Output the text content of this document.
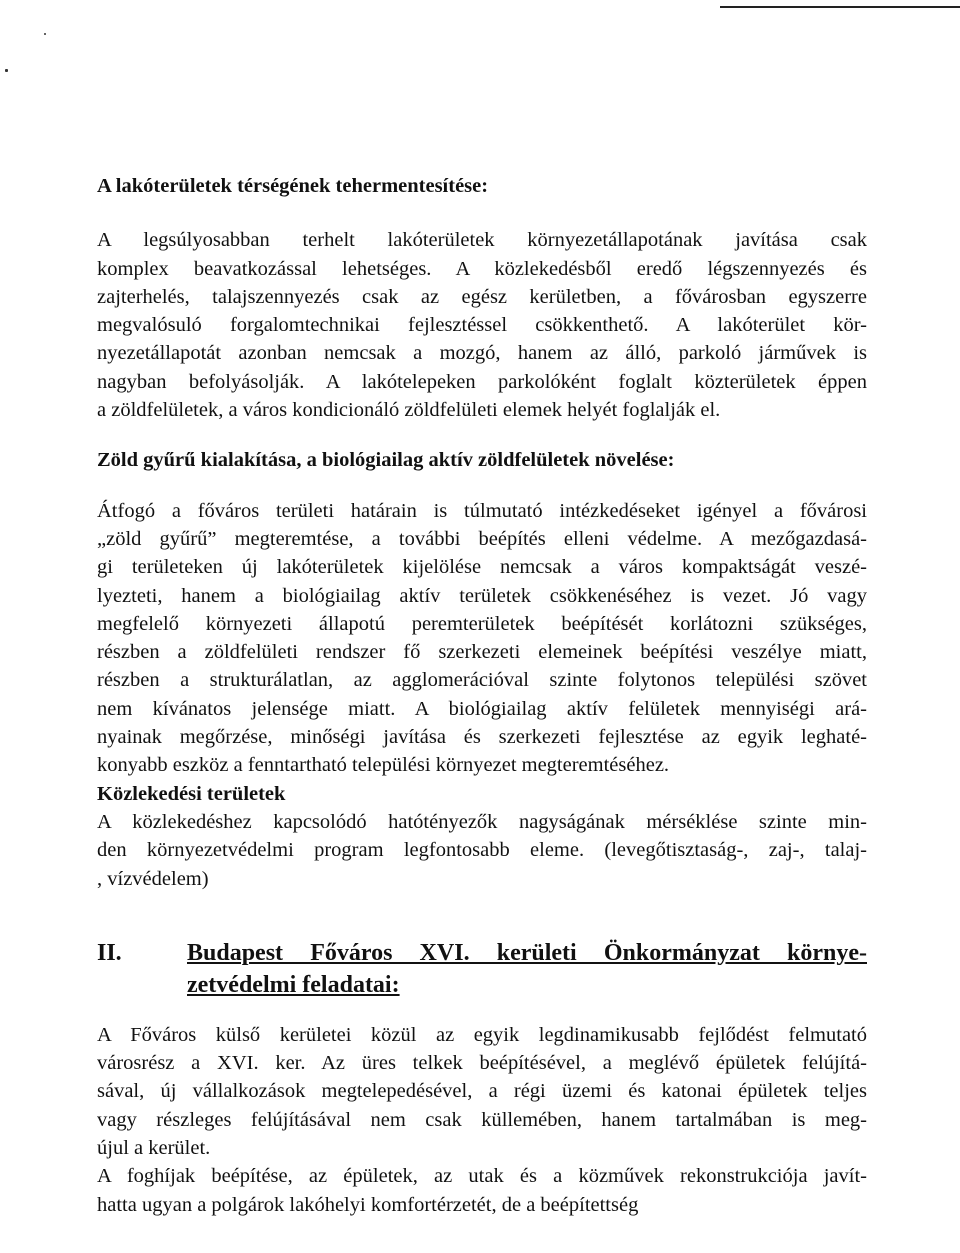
A lakóterületek térségének tehermentesítése:
A legsúlyosabban terhelt lakóterületek környezetállapotának javítása csak
komplex beavatkozással lehetséges. A közlekedésből eredő légszennyezés és
zajterhelés, talajszennyezés csak az egész kerületben, a fővárosban egyszerre
megvalósuló forgalomtechnikai fejlesztéssel csökkenthető. A lakóterület kör-
nyezetállapotát azonban nemcsak a mozgó, hanem az álló, parkoló járművek is
nagyban befolyásolják. A lakótelepeken parkolóként foglalt közterületek éppen
a zöldfelületek, a város kondicionáló zöldfelületi elemek helyét foglalják el.
Zöld gyűrű kialakítása, a biológiailag aktív zöldfelületek növelése:
Átfogó a főváros területi határain is túlmutató intézkedéseket igényel a fővárosi
„zöld gyűrű” megteremtése, a további beépítés elleni védelme. A mezőgazdasá-
gi területeken új lakóterületek kijelölése nemcsak a város kompaktságát veszé-
lyezteti, hanem a biológiailag aktív területek csökkenéséhez is vezet. Jó vagy
megfelelő környezeti állapotú peremterületek beépítését korlátozni szükséges,
részben a zöldfelületi rendszer fő szerkezeti elemeinek beépítési veszélye miatt,
részben a strukturálatlan, az agglomerációval szinte folytonos települési szövet
nem kívánatos jelensége miatt. A biológiailag aktív felületek mennyiségi ará-
nyainak megőrzése, minőségi javítása és szerkezeti fejlesztése az egyik leghaté-
konyabb eszköz a fenntartható települési környezet megteremtéséhez.
Közlekedési területek
A közlekedéshez kapcsolódó hatótényezők nagyságának mérséklése szinte min-
den környezetvédelmi program legfontosabb eleme. (levegőtisztaság-, zaj-, talaj-
, vízvédelem)
II.	Budapest Főváros XVI. kerületi Önkormányzat környe-
zetvédelmi feladatai:
A Főváros külső kerületei közül az egyik legdinamikusabb fejlődést felmutató
városrész a XVI. ker. Az üres telkek beépítésével, a meglévő épületek felújítá-
sával, új vállalkozások megtelepedésével, a régi üzemi és katonai épületek teljes
vagy részleges felújításával nem csak küllemében, hanem tartalmában is meg-
újul a kerület.
A foghíjak beépítése, az épületek, az utak és a közművek rekonstrukciója javít-
hatta ugyan a polgárok lakóhelyi komfortérzetét, de a beépítettség
